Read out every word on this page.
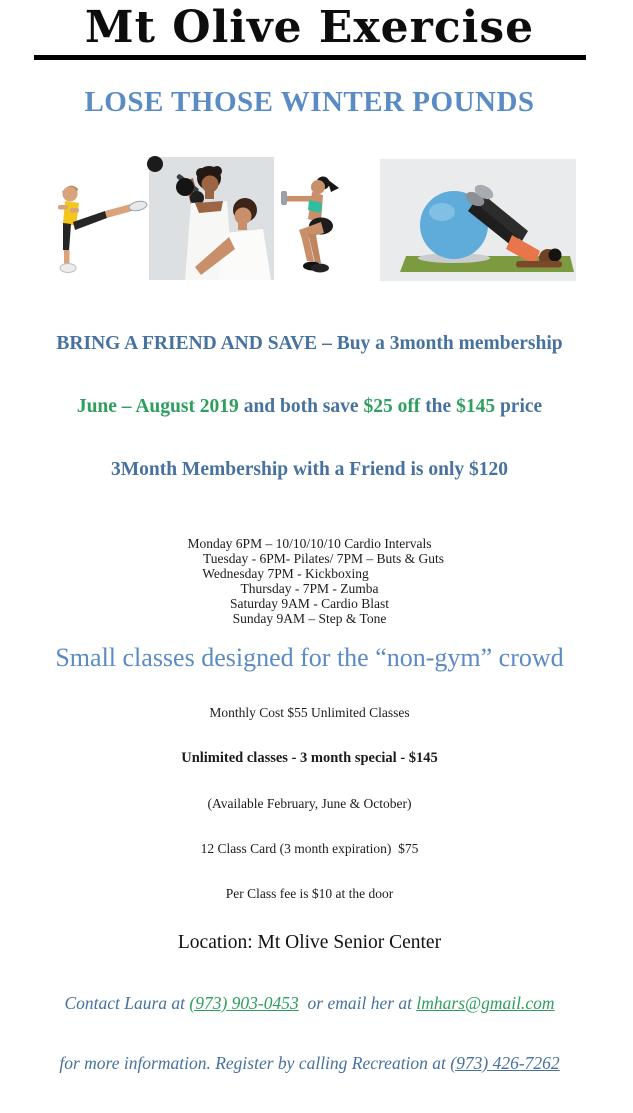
Mt Olive Exercise
LOSE THOSE WINTER POUNDS

BRING A FRIEND AND SAVE – Buy a 3month membership

June – August 2019 and both save $25 off the $145 price

3Month Membership with a Friend is only $120

Monday 6PM – 10/10/10/10 Cardio Intervals
Tuesday - 6PM- Pilates/ 7PM – Buts & Guts
Wednesday 7PM - Kickboxing
Thursday - 7PM - Zumba
Saturday 9AM - Cardio Blast
Sunday 9AM – Step & Tone
Small classes designed for the “non-gym” crowd

Monthly Cost $55 Unlimited Classes

Unlimited classes - 3 month special - $145

(Available February, June & October)

12 Class Card (3 month expiration)  $75

Per Class fee is $10 at the door

Location: Mt Olive Senior Center

Contact Laura at (973) 903-0453  or email her at lmhars@gmail.com

for more information. Register by calling Recreation at (973) 426-7262
